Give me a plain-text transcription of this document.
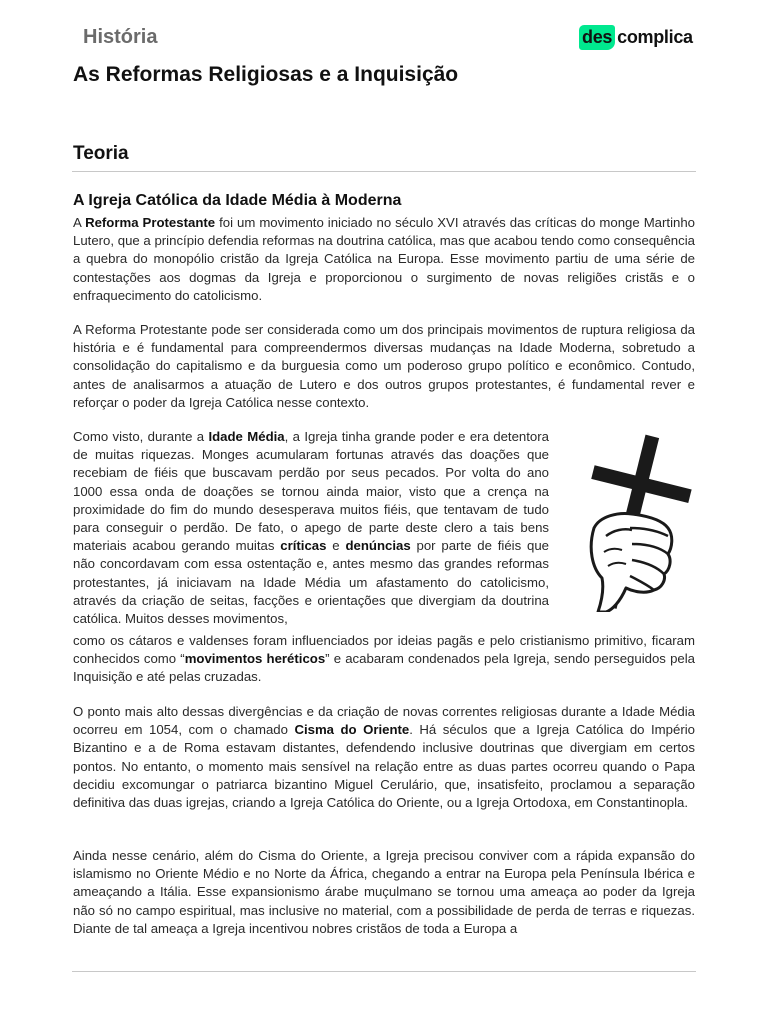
História	des complica
As Reformas Religiosas e a Inquisição
Teoria
A Igreja Católica da Idade Média à Moderna

A Reforma Protestante foi um movimento iniciado no século XVI através das críticas do monge Martinho Lutero, que a princípio defendia reformas na doutrina católica, mas que acabou tendo como consequência a quebra do monopólio cristão da Igreja Católica na Europa. Esse movimento partiu de uma série de contestações aos dogmas da Igreja e proporcionou o surgimento de novas religiões cristãs e o enfraquecimento do catolicismo.

A Reforma Protestante pode ser considerada como um dos principais movimentos de ruptura religiosa da história e é fundamental para compreendermos diversas mudanças na Idade Moderna, sobretudo a consolidação do capitalismo e da burguesia como um poderoso grupo político e econômico. Contudo, antes de analisarmos a atuação de Lutero e dos outros grupos protestantes, é fundamental rever e reforçar o poder da Igreja Católica nesse contexto.

Como visto, durante a Idade Média, a Igreja tinha grande poder e era detentora de muitas riquezas. Monges acumularam fortunas através das doações que recebiam de fiéis que buscavam perdão por seus pecados. Por volta do ano 1000 essa onda de doações se tornou ainda maior, visto que a crença na proximidade do fim do mundo desesperava muitos fiéis, que tentavam de tudo para conseguir o perdão. De fato, o apego de parte deste clero a tais bens materiais acabou gerando muitas críticas e denúncias por parte de fiéis que não concordavam com essa ostentação e, antes mesmo das grandes reformas protestantes, já iniciavam na Idade Média um afastamento do catolicismo, através da criação de seitas, facções e orientações que divergiam da doutrina católica. Muitos desses movimentos,

como os cátaros e valdenses foram influenciados por ideias pagãs e pelo cristianismo primitivo, ficaram conhecidos como “movimentos heréticos” e acabaram condenados pela Igreja, sendo perseguidos pela Inquisição e até pelas cruzadas.

O ponto mais alto dessas divergências e da criação de novas correntes religiosas durante a Idade Média ocorreu em 1054, com o chamado Cisma do Oriente. Há séculos que a Igreja Católica do Império Bizantino e a de Roma estavam distantes, defendendo inclusive doutrinas que divergiam em certos pontos. No entanto, o momento mais sensível na relação entre as duas partes ocorreu quando o Papa decidiu excomungar o patriarca bizantino Miguel Cerulário, que, insatisfeito, proclamou a separação definitiva das duas igrejas, criando a Igreja Católica do Oriente, ou a Igreja Ortodoxa, em Constantinopla.

Ainda nesse cenário, além do Cisma do Oriente, a Igreja precisou conviver com a rápida expansão do islamismo no Oriente Médio e no Norte da África, chegando a entrar na Europa pela Península Ibérica e ameaçando a Itália. Esse expansionismo árabe muçulmano se tornou uma ameaça ao poder da Igreja não só no campo espiritual, mas inclusive no material, com a possibilidade de perda de terras e riquezas. Diante de tal ameaça a Igreja incentivou nobres cristãos de toda a Europa a
